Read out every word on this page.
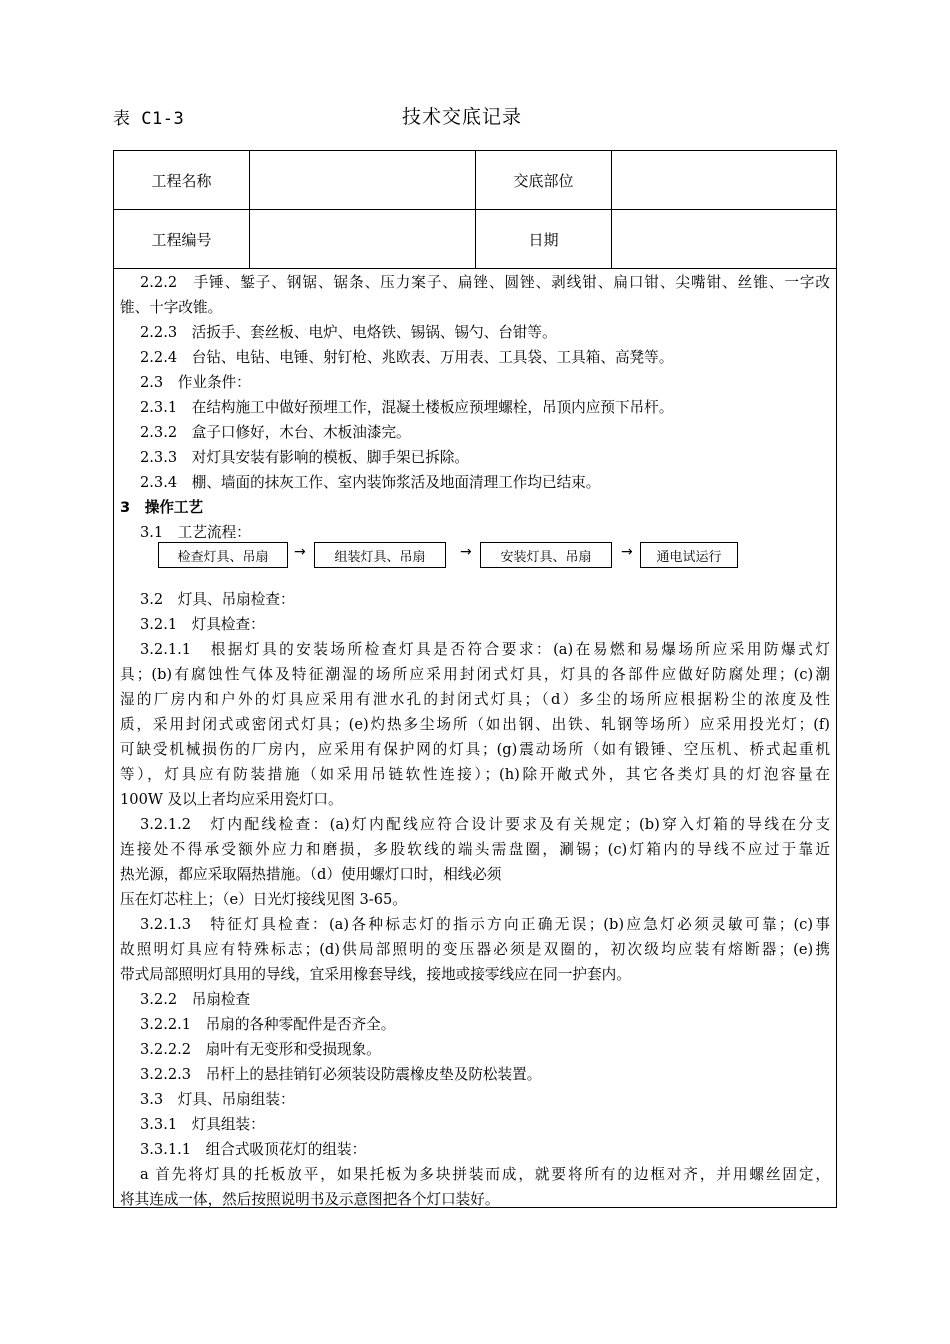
表 C1-3	技术交底记录
工程名称	交底部位
工程编号	日期
2.2.2　手锤、錾子、钢锯、锯条、压力案子、扁锉、圆锉、剥线钳、扁口钳、尖嘴钳、丝锥、一字改
锥、十字改锥。
2.2.3　活扳手、套丝板、电炉、电烙铁、锡锅、锡勺、台钳等。
2.2.4　台钻、电钻、电锤、射钉枪、兆欧表、万用表、工具袋、工具箱、高凳等。
2.3　作业条件：
2.3.1　在结构施工中做好预埋工作，混凝土楼板应预埋螺栓，吊顶内应预下吊杆。
2.3.2　盒子口修好，木台、木板油漆完。
2.3.3　对灯具安装有影响的模板、脚手架已拆除。
2.3.4　棚、墙面的抹灰工作、室内装饰浆活及地面清理工作均已结束。
3　操作工艺
3.1　工艺流程：
检查灯具、吊扇	→	组装灯具、吊扇	→	安装灯具、吊扇	→	通电试运行
3.2　灯具、吊扇检查：
3.2.1　灯具检查：
3.2.1.1　根据灯具的安装场所检查灯具是否符合要求：(a)在易燃和易爆场所应采用防爆式灯
具；(b)有腐蚀性气体及特征潮湿的场所应采用封闭式灯具，灯具的各部件应做好防腐处理；(c)潮
湿的厂房内和户外的灯具应采用有泄水孔的封闭式灯具；（d）多尘的场所应根据粉尘的浓度及性
质，采用封闭式或密闭式灯具；(e)灼热多尘场所（如出钢、出铁、轧钢等场所）应采用投光灯；(f)
可缺受机械损伤的厂房内，应采用有保护网的灯具；(g)震动场所（如有锻锤、空压机、桥式起重机
等），灯具应有防装措施（如采用吊链软性连接）；(h)除开敞式外，其它各类灯具的灯泡容量在
100W 及以上者均应采用瓷灯口。
3.2.1.2　灯内配线检查：(a)灯内配线应符合设计要求及有关规定；(b)穿入灯箱的导线在分支
连接处不得承受额外应力和磨损，多股软线的端头需盘圈，涮锡；(c)灯箱内的导线不应过于靠近
热光源，都应采取隔热措施。（d）使用螺灯口时，相线必须
压在灯芯柱上；（e）日光灯接线见图 3-65。
3.2.1.3　特征灯具检查：(a)各种标志灯的指示方向正确无误；(b)应急灯必须灵敏可靠；(c)事
故照明灯具应有特殊标志；(d)供局部照明的变压器必须是双圈的，初次级均应装有熔断器；(e)携
带式局部照明灯具用的导线，宜采用橡套导线，接地或接零线应在同一护套内。
3.2.2　吊扇检查
3.2.2.1　吊扇的各种零配件是否齐全。
3.2.2.2　扇叶有无变形和受损现象。
3.2.2.3　吊杆上的悬挂销钉必须装设防震橡皮垫及防松装置。
3.3　灯具、吊扇组装：
3.3.1　灯具组装：
3.3.1.1　组合式吸顶花灯的组装：
a 首先将灯具的托板放平，如果托板为多块拼装而成，就要将所有的边框对齐，并用螺丝固定，
将其连成一体，然后按照说明书及示意图把各个灯口装好。
